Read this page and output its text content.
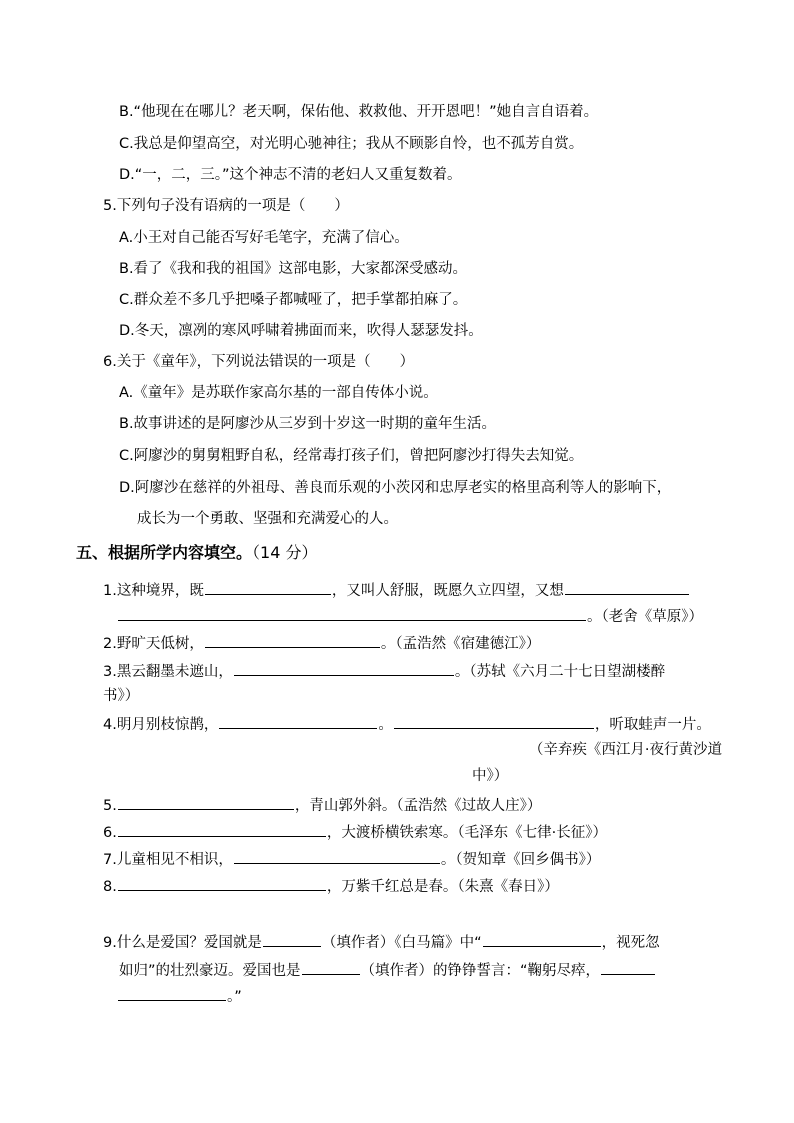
B.“他现在在哪儿？老天啊，保佑他、救救他、开开恩吧！”她自言自语着。
C.我总是仰望高空，对光明心驰神往；我从不顾影自怜，也不孤芳自赏。
D.“一，二，三。”这个神志不清的老妇人又重复数着。
5.下列句子没有语病的一项是（　　）
A.小王对自己能否写好毛笔字，充满了信心。
B.看了《我和我的祖国》这部电影，大家都深受感动。
C.群众差不多几乎把嗓子都喊哑了，把手掌都拍麻了。
D.冬天，凛冽的寒风呼啸着拂面而来，吹得人瑟瑟发抖。
6.关于《童年》，下列说法错误的一项是（　　）
A.《童年》是苏联作家高尔基的一部自传体小说。
B.故事讲述的是阿廖沙从三岁到十岁这一时期的童年生活。
C.阿廖沙的舅舅粗野自私，经常毒打孩子们，曾把阿廖沙打得失去知觉。
D.阿廖沙在慈祥的外祖母、善良而乐观的小茨冈和忠厚老实的格里高利等人的影响下，
成长为一个勇敢、坚强和充满爱心的人。
五、根据所学内容填空。（14 分）
1.这种境界，既	，又叫人舒服，既愿久立四望，又想
。（老舍《草原》）
2.野旷天低树，	。（孟浩然《宿建德江》）
3.黑云翻墨未遮山，	。（苏轼《六月二十七日望湖楼醉
书》）
4.明月别枝惊鹊，	。	，听取蛙声一片。
（辛弃疾《西江月·夜行黄沙道
中》）
5.	，青山郭外斜。（孟浩然《过故人庄》）
6.	，大渡桥横铁索寒。（毛泽东《七律·长征》）
7.儿童相见不相识，	。（贺知章《回乡偶书》）
8.	，万紫千红总是春。（朱熹《春日》）
9.什么是爱国？爱国就是	（填作者）《白马篇》中“	，视死忽
如归”的壮烈豪迈。爱国也是	（填作者）的铮铮誓言：“鞠躬尽瘁，
。”
